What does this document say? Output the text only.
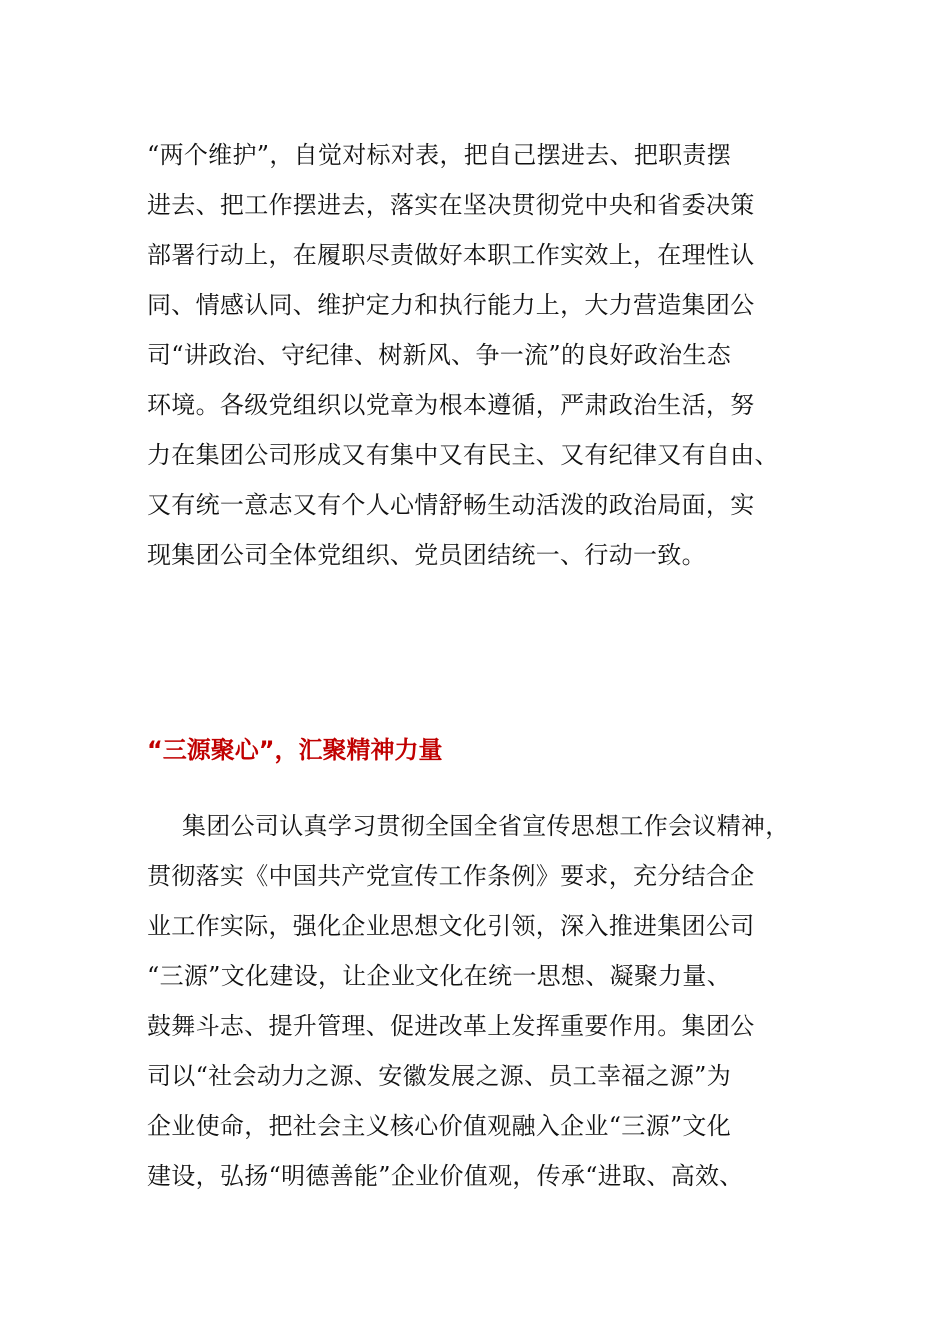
“两个维护”，自觉对标对表，把自己摆进去、把职责摆
进去、把工作摆进去，落实在坚决贯彻党中央和省委决策
部署行动上，在履职尽责做好本职工作实效上，在理性认
同、情感认同、维护定力和执行能力上，大力营造集团公
司“讲政治、守纪律、树新风、争一流”的良好政治生态
环境。各级党组织以党章为根本遵循，严肃政治生活，努
力在集团公司形成又有集中又有民主、又有纪律又有自由、
又有统一意志又有个人心情舒畅生动活泼的政治局面，实
现集团公司全体党组织、党员团结统一、行动一致。
“三源聚心”，汇聚精神力量
集团公司认真学习贯彻全国全省宣传思想工作会议精神，
贯彻落实《中国共产党宣传工作条例》要求，充分结合企
业工作实际，强化企业思想文化引领，深入推进集团公司
“三源”文化建设，让企业文化在统一思想、凝聚力量、
鼓舞斗志、提升管理、促进改革上发挥重要作用。集团公
司以“社会动力之源、安徽发展之源、员工幸福之源”为
企业使命，把社会主义核心价值观融入企业“三源”文化
建设，弘扬“明德善能”企业价值观，传承“进取、高效、
